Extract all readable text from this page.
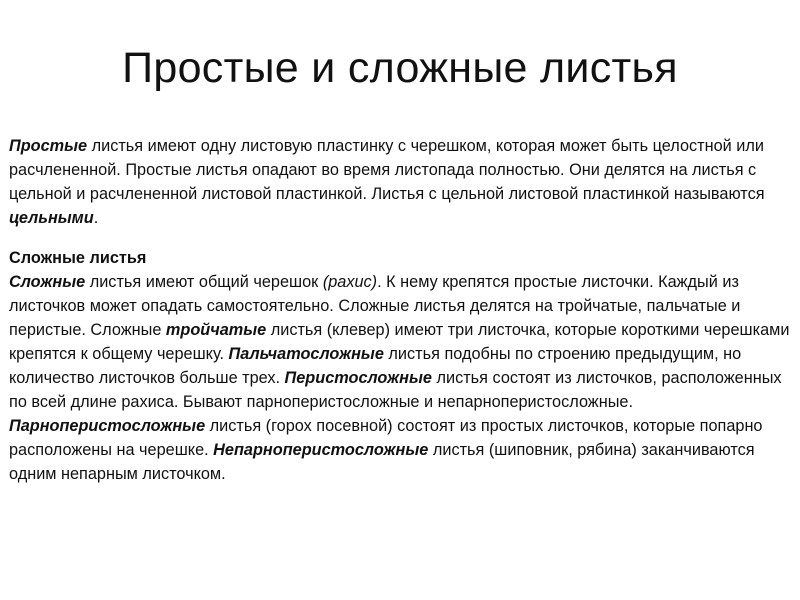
Простые и сложные листья

Простые листья имеют одну листовую пластинку с черешком, которая может быть целостной или расчлененной. Простые листья опадают во время листопада полностью. Они делятся на листья с цельной и расчлененной листовой пластинкой. Листья с цельной листовой пластинкой называются цельными.

Сложные листья
Сложные листья имеют общий черешок (рахис). К нему крепятся простые листочки. Каждый из листочков может опадать самостоятельно. Сложные листья делятся на тройчатые, пальчатые и перистые. Сложные тройчатые листья (клевер) имеют три листочка, которые короткими черешками крепятся к общему черешку. Пальчатосложные листья подобны по строению предыдущим, но количество листочков больше трех. Перистосложные листья состоят из листочков, расположенных по всей длине рахиса. Бывают парноперистосложные и непарноперистосложные. Парноперистосложные листья (горох посевной) состоят из простых листочков, которые попарно расположены на черешке. Непарноперистосложные листья (шиповник, рябина) заканчиваются одним непарным листочком.
